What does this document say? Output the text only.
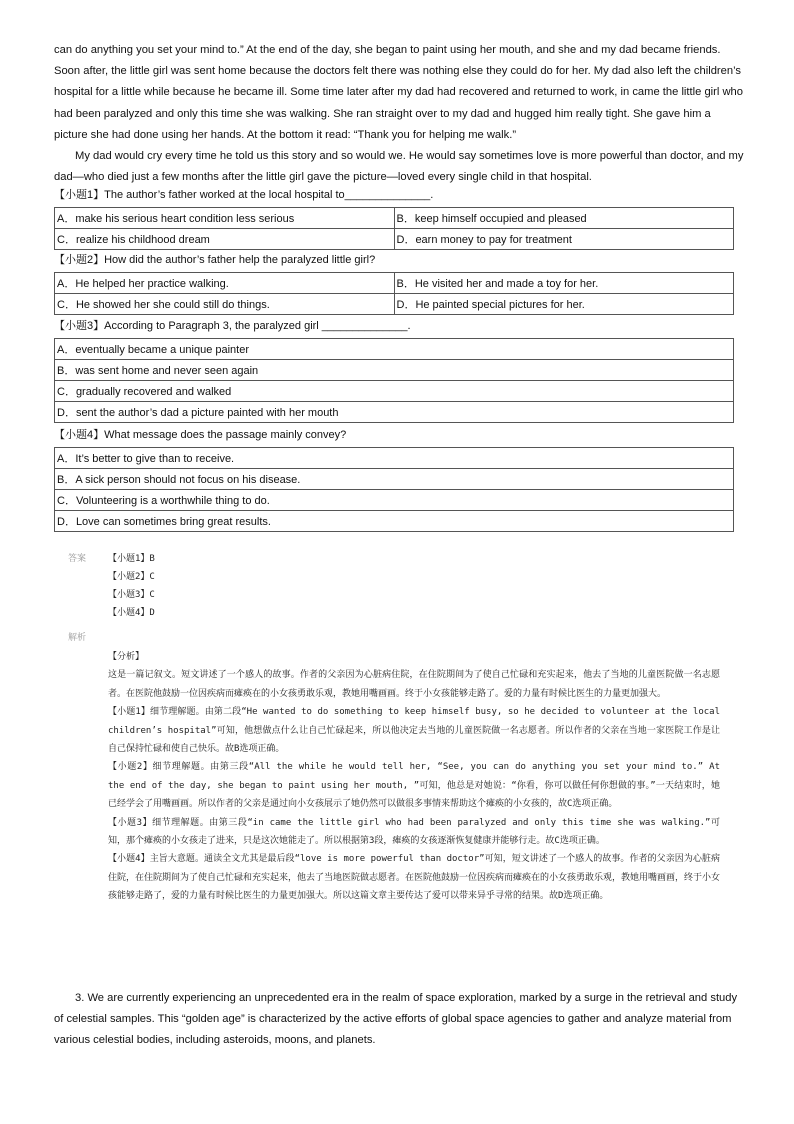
can do anything you set your mind to.” At the end of the day, she began to paint using her mouth, and she and my dad became friends. Soon after, the little girl was sent home because the doctors felt there was nothing else they could do for her. My dad also left the children’s hospital for a little while because he became ill. Some time later after my dad had recovered and returned to work, in came the little girl who had been paralyzed and only this time she was walking. She ran straight over to my dad and hugged him really tight. She gave him a picture she had done using her hands. At the bottom it read: “Thank you for helping me walk.”

My dad would cry every time he told us this story and so would we. He would say sometimes love is more powerful than doctor, and my dad—who died just a few months after the little girl gave the picture—loved every single child in that hospital.

【小题1】The author’s father worked at the local hospital to______________.
A．make his serious heart condition less serious	B．keep himself occupied and pleased
C．realize his childhood dream	D．earn money to pay for treatment
【小题2】How did the author’s father help the paralyzed little girl?
A．He helped her practice walking.	B．He visited her and made a toy for her.
C．He showed her she could still do things.	D．He painted special pictures for her.
【小题3】According to Paragraph 3, the paralyzed girl ______________.
A．eventually became a unique painter
B．was sent home and never seen again
C．gradually recovered and walked
D．sent the author’s dad a picture painted with her mouth
【小题4】What message does the passage mainly convey?
A．It’s better to give than to receive.
B．A sick person should not focus on his disease.
C．Volunteering is a worthwhile thing to do.
D．Love can sometimes bring great results.
答案 【小题1】B
【小题2】C
【小题3】C
【小题4】D
解析

【分析】

这是一篇记叙文。短文讲述了一个感人的故事。作者的父亲因为心脏病住院，在住院期间为了使自己忙碌和充实起来，他去了当地的儿童医院做一名志愿者。在医院他鼓励一位因疾病而瘫痪在的小女孩勇敢乐观，教她用嘴画画。终于小女孩能够走路了。爱的力量有时候比医生的力量更加强大。

【小题1】细节理解题。由第二段“He wanted to do something to keep himself busy, so he decided to volunteer at the local children’s hospital”可知，他想做点什么让自己忙碌起来，所以他决定去当地的儿童医院做一名志愿者。所以作者的父亲在当地一家医院工作是让自己保持忙碌和使自己快乐。故B选项正确。

【小题2】细节理解题。由第三段“All the while he would tell her, “See, you can do anything you set your mind to.” At the end of the day, she began to paint using her mouth, ”可知，他总是对她说：“你看，你可以做任何你想做的事。”一天结束时，她已经学会了用嘴画画。所以作者的父亲是通过向小女孩展示了她仍然可以做很多事情来帮助这个瘫痪的小女孩的，故C选项正确。

【小题3】细节理解题。由第三段“in came the little girl who had been paralyzed and only this time she was walking.”可知，那个瘫痪的小女孩走了进来，只是这次她能走了。所以根据第3段，瘫痪的女孩逐渐恢复健康并能够行走。故C选项正确。

【小题4】主旨大意题。通读全文尤其是最后段“love is more powerful than doctor”可知，短文讲述了一个感人的故事。作者的父亲因为心脏病住院，在住院期间为了使自己忙碌和充实起来，他去了当地医院做志愿者。在医院他鼓励一位因疾病而瘫痪在的小女孩勇敢乐观，教她用嘴画画，终于小女孩能够走路了，爱的力量有时候比医生的力量更加强大。所以这篇文章主要传达了爱可以带来异乎寻常的结果。故D选项正确。

3. We are currently experiencing an unprecedented era in the realm of space exploration, marked by a surge in the retrieval and study of celestial samples. This “golden age” is characterized by the active efforts of global space agencies to gather and analyze material from various celestial bodies, including asteroids, moons, and planets.
